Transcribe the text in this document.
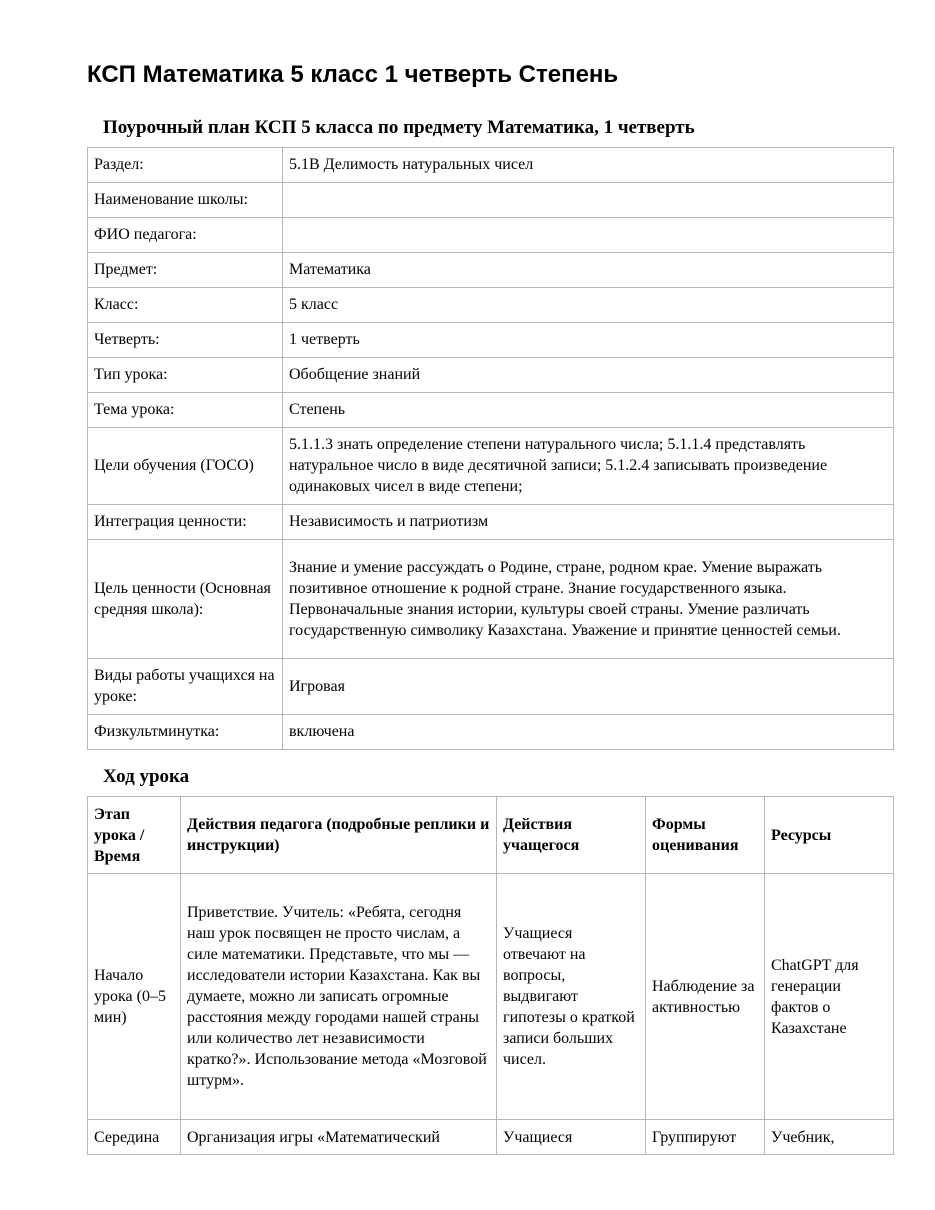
КСП Математика 5 класс 1 четверть Степень
Поурочный план КСП 5 класса по предмету Математика, 1 четверть
Раздел:	5.1В Делимость натуральных чисел
Наименование школы:	
ФИО педагога:	
Предмет:	Математика
Класс:	5 класс
Четверть:	1 четверть
Тип урока:	Обобщение знаний
Тема урока:	Степень
Цели обучения (ГОСО)	5.1.1.3 знать определение степени натурального числа; 5.1.1.4 представлять натуральное число в виде десятичной записи; 5.1.2.4 записывать произведение одинаковых чисел в виде степени;
Интеграция ценности:	Независимость и патриотизм
Цель ценности (Основная средняя школа):	Знание и умение рассуждать о Родине, стране, родном крае. Умение выражать позитивное отношение к родной стране. Знание государственного языка. Первоначальные знания истории, культуры своей страны. Умение различать государственную символику Казахстана. Уважение и принятие ценностей семьи.
Виды работы учащихся на уроке:	Игровая
Физкультминутка:	включена
Ход урока
Этап урока / Время	Действия педагога (подробные реплики и инструкции)	Действия учащегося	Формы оценивания	Ресурсы
Начало урока (0–5 мин)	Приветствие. Учитель: «Ребята, сегодня наш урок посвящен не просто числам, а силе математики. Представьте, что мы — исследователи истории Казахстана. Как вы думаете, можно ли записать огромные расстояния между городами нашей страны или количество лет независимости кратко?». Использование метода «Мозговой штурм».	Учащиеся отвечают на вопросы, выдвигают гипотезы о краткой записи больших чисел.	Наблюдение за активностью	ChatGPT для генерации фактов о Казахстане
Середина	Организация игры «Математический	Учащиеся	Группируют	Учебник,
